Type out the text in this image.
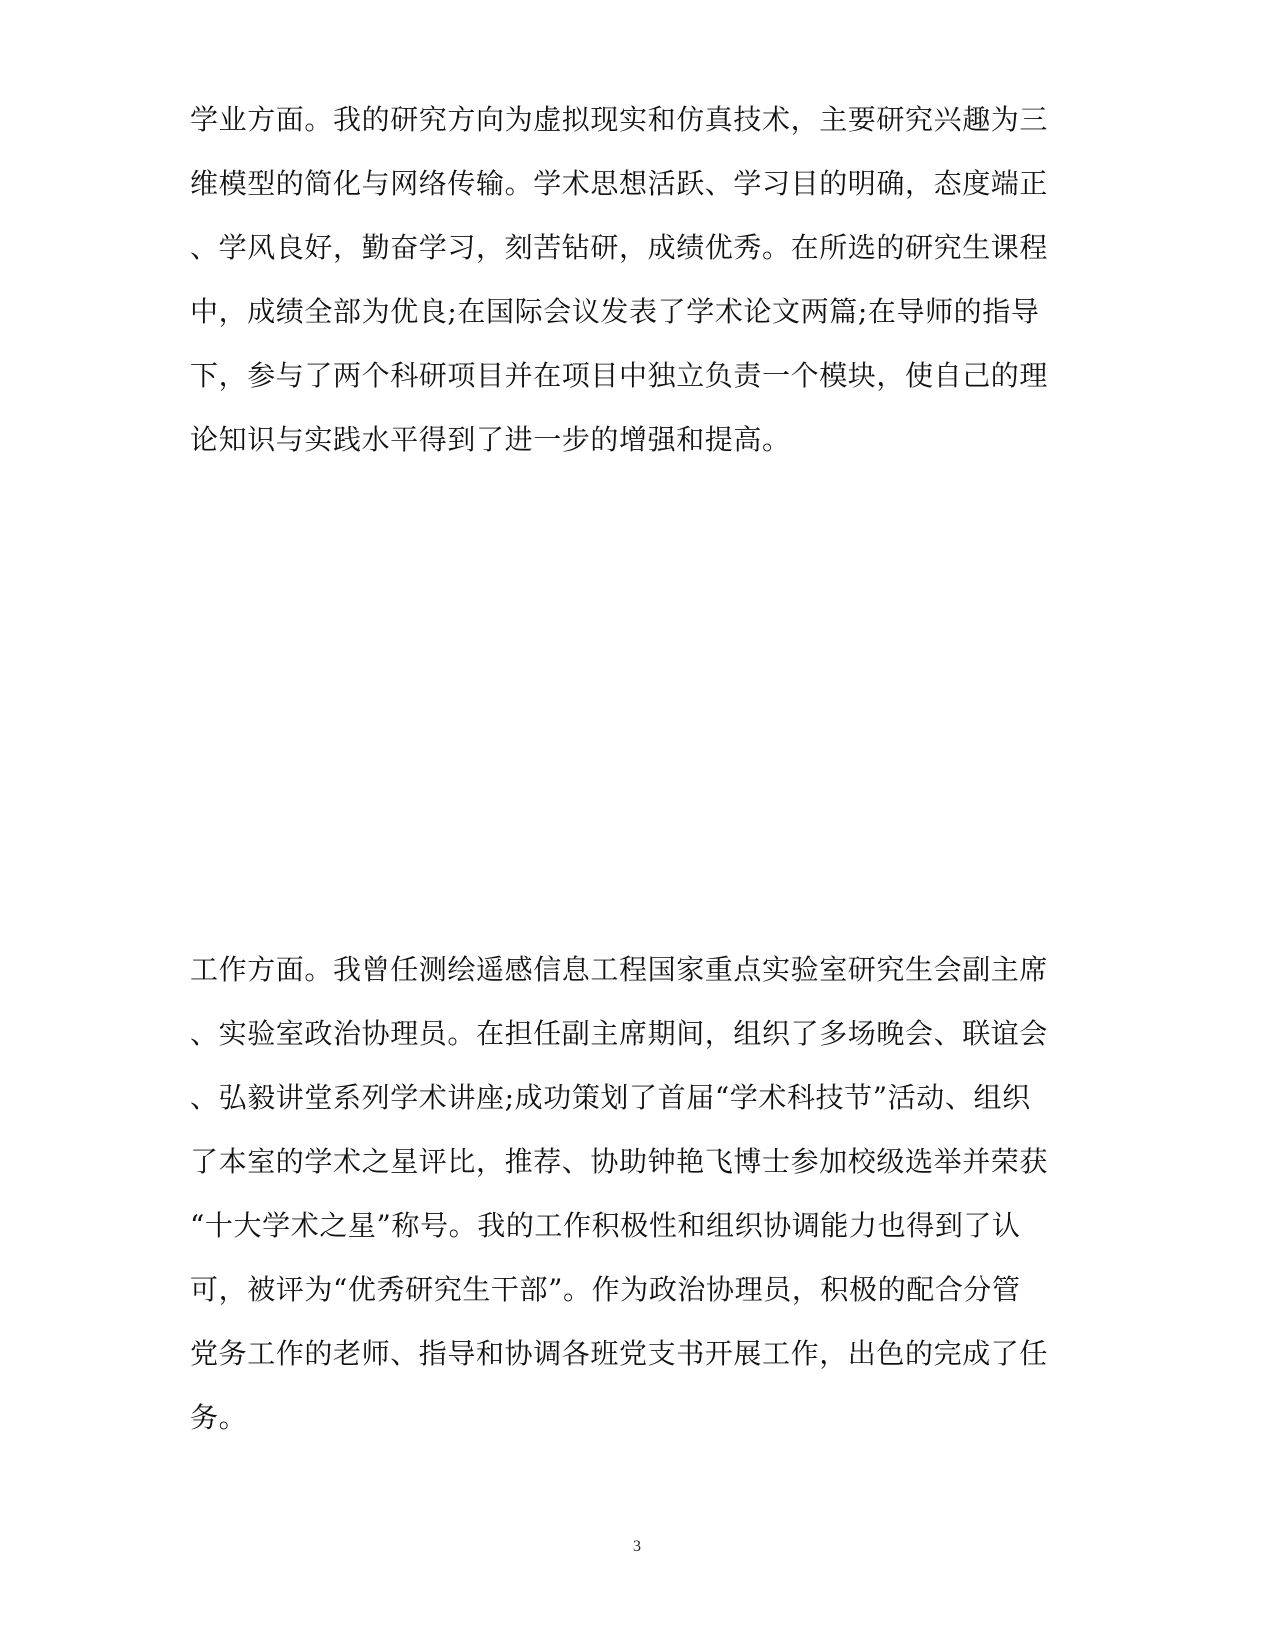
学业方面。我的研究方向为虚拟现实和仿真技术，主要研究兴趣为三
维模型的简化与网络传输。学术思想活跃、学习目的明确，态度端正
、学风良好，勤奋学习，刻苦钻研，成绩优秀。在所选的研究生课程
中，成绩全部为优良;在国际会议发表了学术论文两篇;在导师的指导
下，参与了两个科研项目并在项目中独立负责一个模块，使自己的理
论知识与实践水平得到了进一步的增强和提高。
工作方面。我曾任测绘遥感信息工程国家重点实验室研究生会副主席
、实验室政治协理员。在担任副主席期间，组织了多场晚会、联谊会
、弘毅讲堂系列学术讲座;成功策划了首届“学术科技节”活动、组织
了本室的学术之星评比，推荐、协助钟艳飞博士参加校级选举并荣获
“十大学术之星”称号。我的工作积极性和组织协调能力也得到了认
可，被评为“优秀研究生干部”。作为政治协理员，积极的配合分管
党务工作的老师、指导和协调各班党支书开展工作，出色的完成了任
务。
3
